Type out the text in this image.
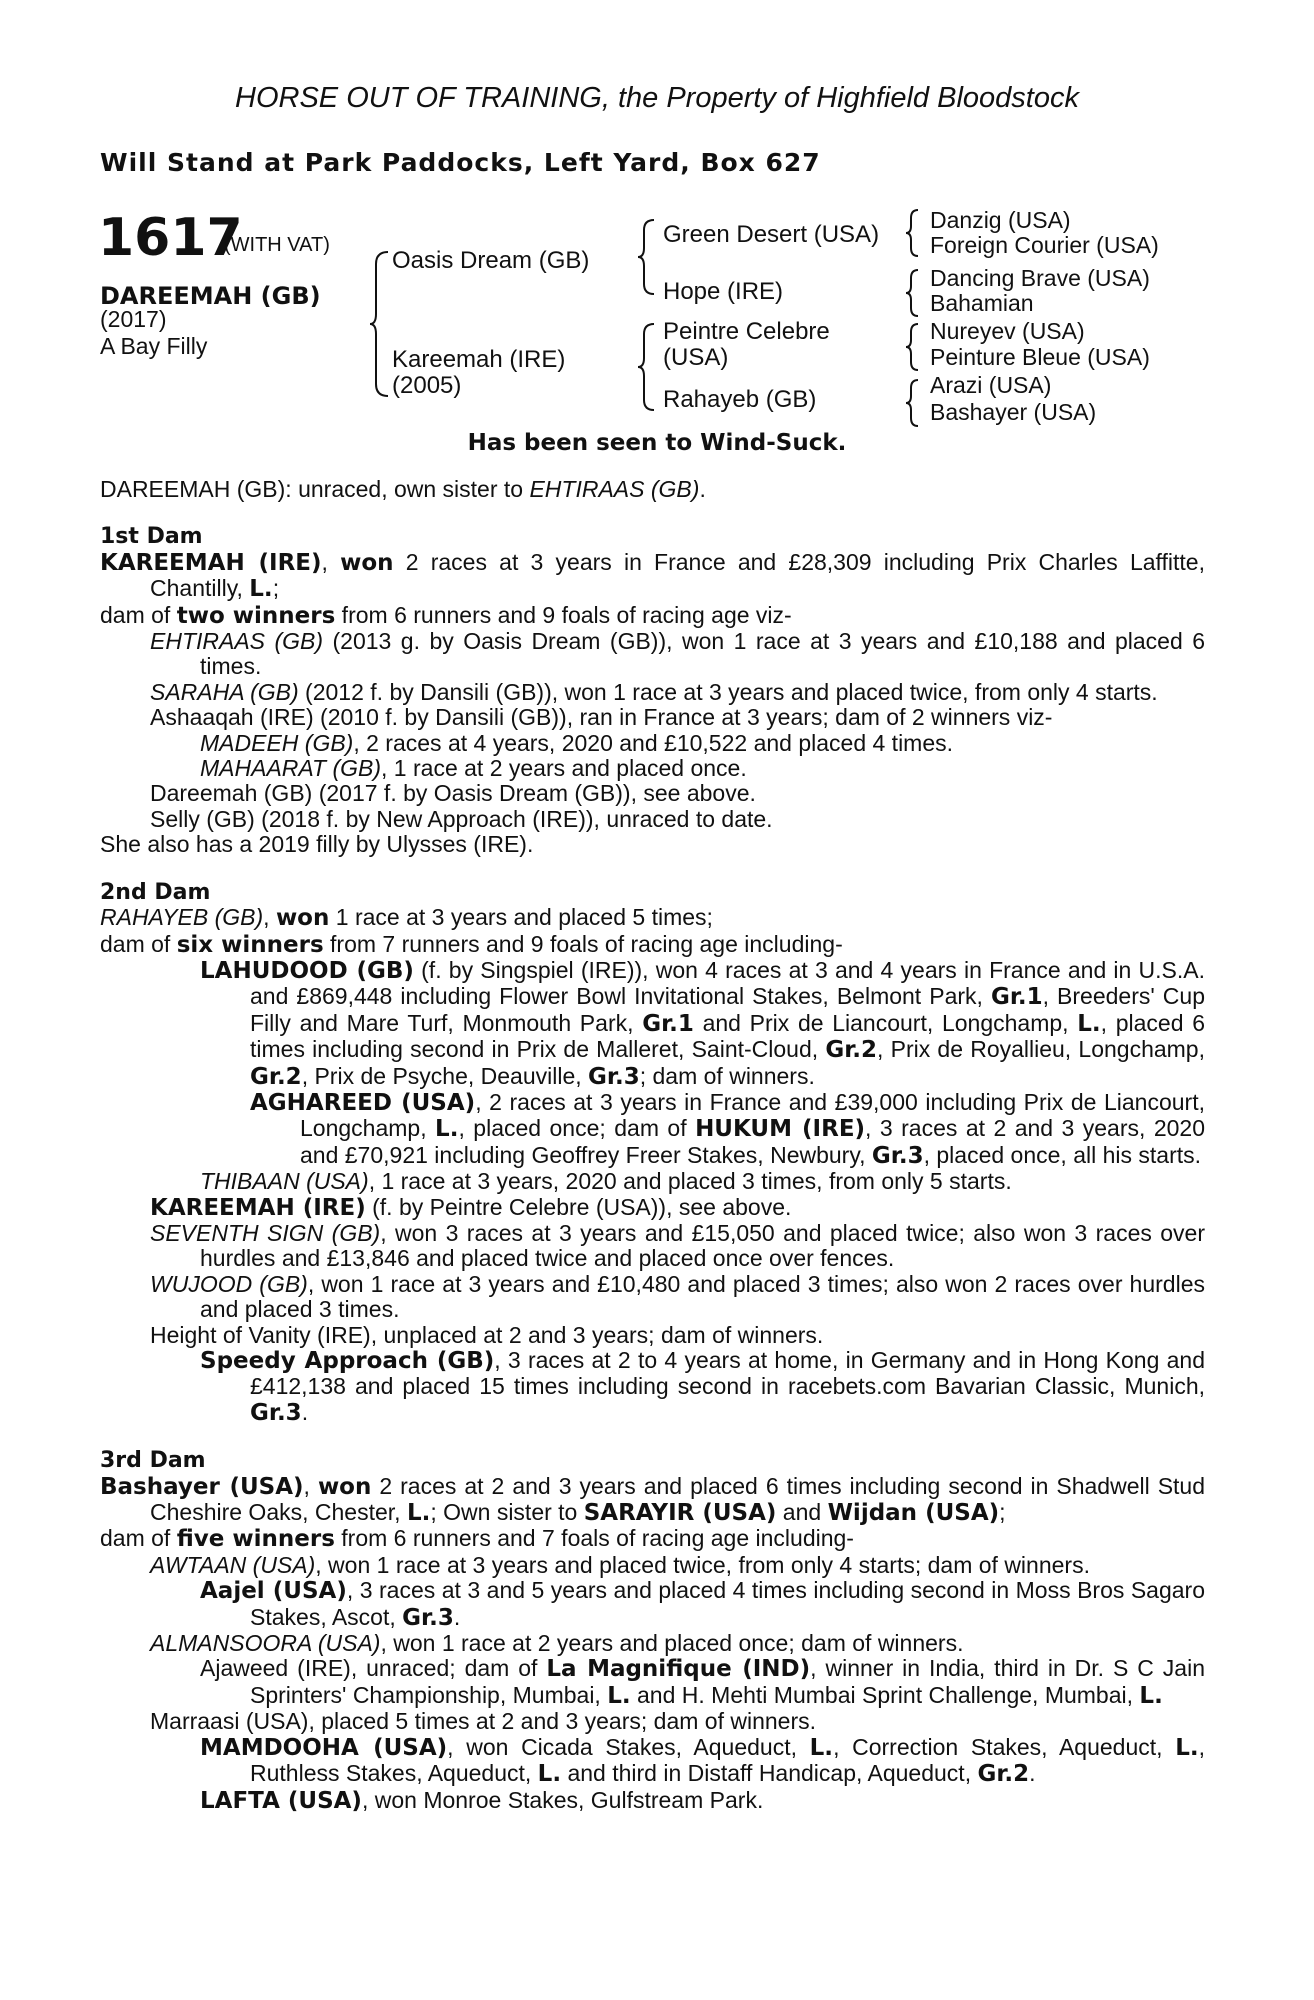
HORSE OUT OF TRAINING, the Property of Highfield Bloodstock
Will Stand at Park Paddocks, Left Yard, Box 627
1617
(WITH VAT)
DAREEMAH (GB)
(2017)
A Bay Filly
Oasis Dream (GB)
Kareemah (IRE)
(2005)
Green Desert (USA)
Hope (IRE)
Peintre Celebre
(USA)
Rahayeb (GB)
Danzig (USA)
Foreign Courier (USA)
Dancing Brave (USA)
Bahamian
Nureyev (USA)
Peinture Bleue (USA)
Arazi (USA)
Bashayer (USA)
Has been seen to Wind-Suck.

DAREEMAH (GB): unraced, own sister to EHTIRAAS (GB).

1st Dam

KAREEMAH (IRE), won 2 races at 3 years in France and £28,309 including Prix Charles Laffitte, Chantilly, L.;

dam of two winners from 6 runners and 9 foals of racing age viz-

EHTIRAAS (GB) (2013 g. by Oasis Dream (GB)), won 1 race at 3 years and £10,188 and placed 6 times.

SARAHA (GB) (2012 f. by Dansili (GB)), won 1 race at 3 years and placed twice, from only 4 starts.

Ashaaqah (IRE) (2010 f. by Dansili (GB)), ran in France at 3 years; dam of 2 winners viz-

MADEEH (GB), 2 races at 4 years, 2020 and £10,522 and placed 4 times.

MAHAARAT (GB), 1 race at 2 years and placed once.

Dareemah (GB) (2017 f. by Oasis Dream (GB)), see above.

Selly (GB) (2018 f. by New Approach (IRE)), unraced to date.

She also has a 2019 filly by Ulysses (IRE).

2nd Dam

RAHAYEB (GB), won 1 race at 3 years and placed 5 times;

dam of six winners from 7 runners and 9 foals of racing age including-

LAHUDOOD (GB) (f. by Singspiel (IRE)), won 4 races at 3 and 4 years in France and in U.S.A. and £869,448 including Flower Bowl Invitational Stakes, Belmont Park, Gr.1, Breeders' Cup Filly and Mare Turf, Monmouth Park, Gr.1 and Prix de Liancourt, Longchamp, L., placed 6 times including second in Prix de Malleret, Saint-Cloud, Gr.2, Prix de Royallieu, Longchamp, Gr.2, Prix de Psyche, Deauville, Gr.3; dam of winners.

AGHAREED (USA), 2 races at 3 years in France and £39,000 including Prix de Liancourt, Longchamp, L., placed once; dam of HUKUM (IRE), 3 races at 2 and 3 years, 2020 and £70,921 including Geoffrey Freer Stakes, Newbury, Gr.3, placed once, all his starts.

THIBAAN (USA), 1 race at 3 years, 2020 and placed 3 times, from only 5 starts.

KAREEMAH (IRE) (f. by Peintre Celebre (USA)), see above.

SEVENTH SIGN (GB), won 3 races at 3 years and £15,050 and placed twice; also won 3 races over hurdles and £13,846 and placed twice and placed once over fences.

WUJOOD (GB), won 1 race at 3 years and £10,480 and placed 3 times; also won 2 races over hurdles and placed 3 times.

Height of Vanity (IRE), unplaced at 2 and 3 years; dam of winners.

Speedy Approach (GB), 3 races at 2 to 4 years at home, in Germany and in Hong Kong and £412,138 and placed 15 times including second in racebets.com Bavarian Classic, Munich, Gr.3.

3rd Dam

Bashayer (USA), won 2 races at 2 and 3 years and placed 6 times including second in Shadwell Stud Cheshire Oaks, Chester, L.; Own sister to SARAYIR (USA) and Wijdan (USA);

dam of five winners from 6 runners and 7 foals of racing age including-

AWTAAN (USA), won 1 race at 3 years and placed twice, from only 4 starts; dam of winners.

Aajel (USA), 3 races at 3 and 5 years and placed 4 times including second in Moss Bros Sagaro Stakes, Ascot, Gr.3.

ALMANSOORA (USA), won 1 race at 2 years and placed once; dam of winners.

Ajaweed (IRE), unraced; dam of La Magnifique (IND), winner in India, third in Dr. S C Jain Sprinters' Championship, Mumbai, L. and H. Mehti Mumbai Sprint Challenge, Mumbai, L.

Marraasi (USA), placed 5 times at 2 and 3 years; dam of winners.

MAMDOOHA (USA), won Cicada Stakes, Aqueduct, L., Correction Stakes, Aqueduct, L., Ruthless Stakes, Aqueduct, L. and third in Distaff Handicap, Aqueduct, Gr.2.

LAFTA (USA), won Monroe Stakes, Gulfstream Park.
